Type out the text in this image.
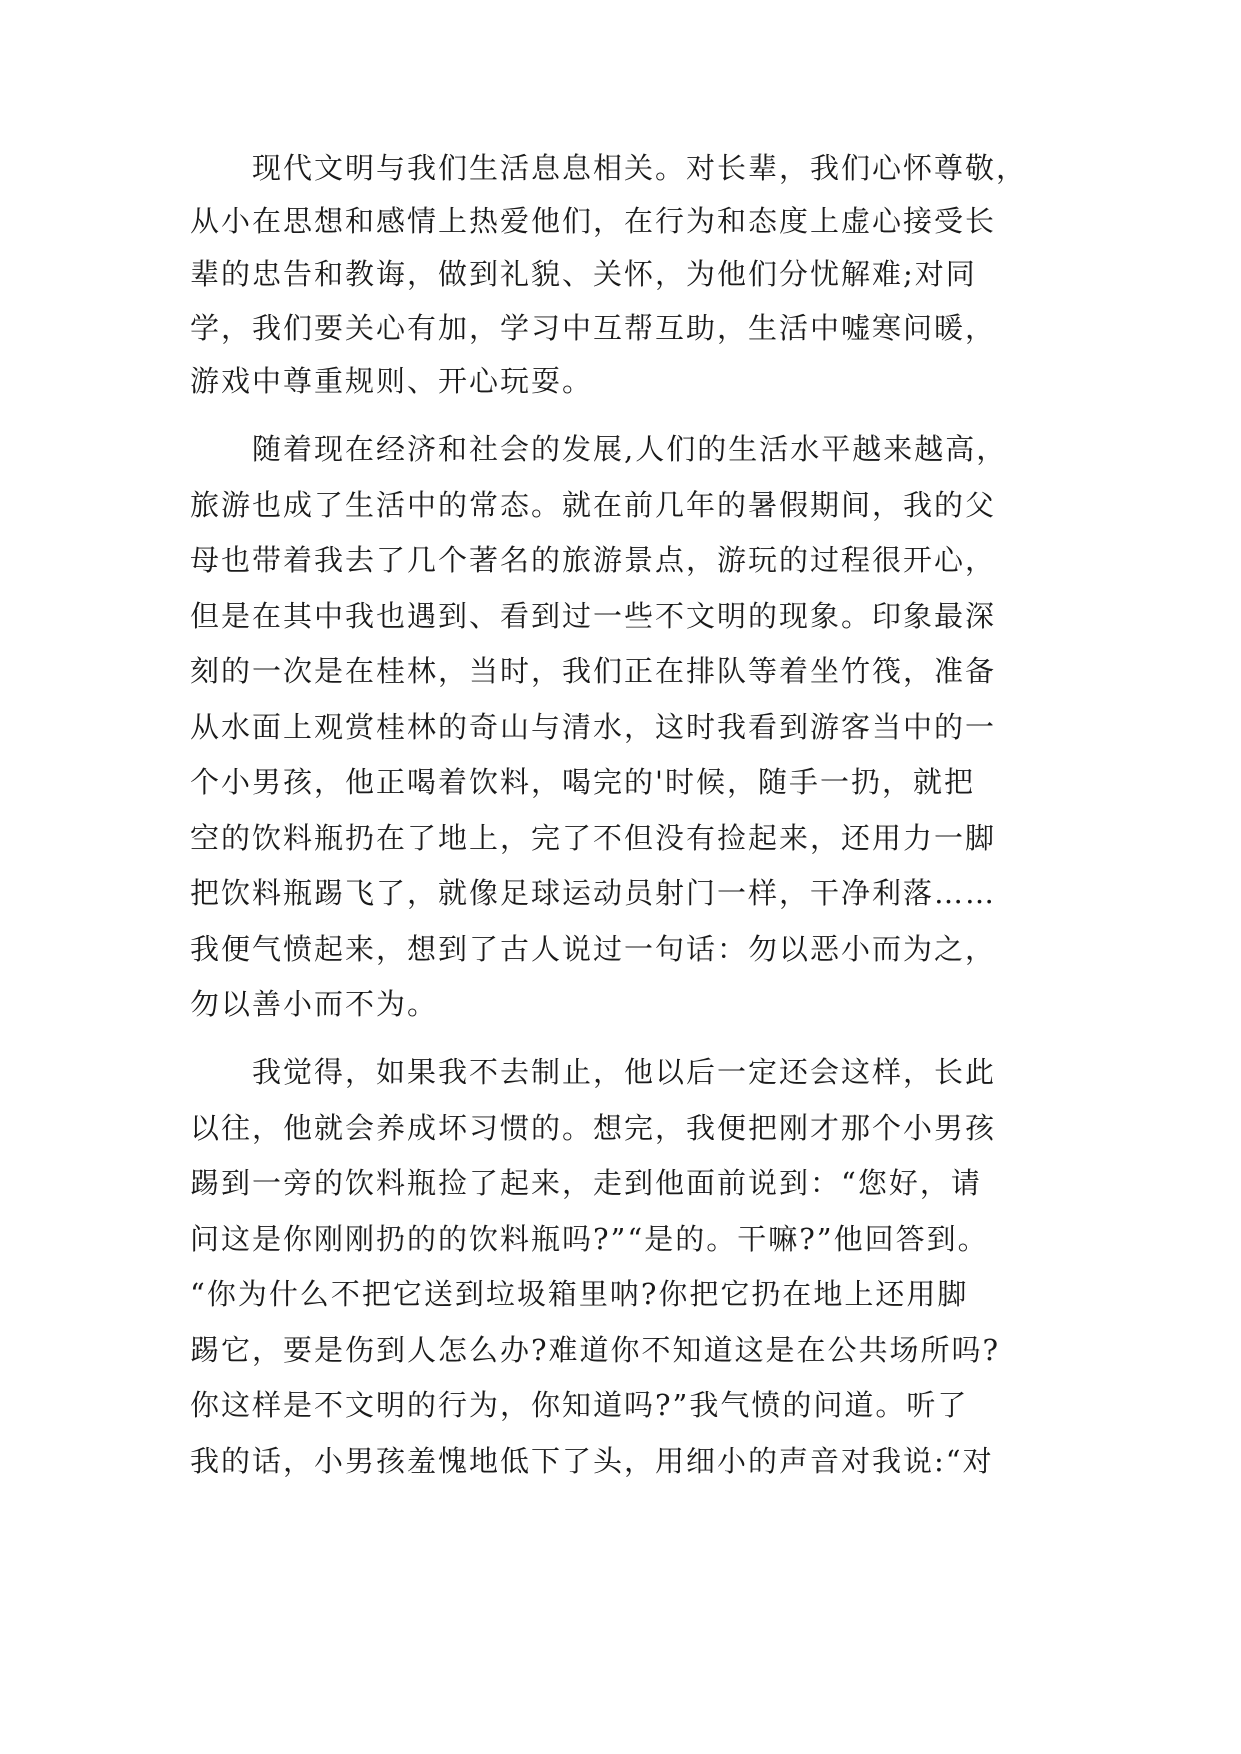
现代文明与我们生活息息相关。对长辈，我们心怀尊敬，
从小在思想和感情上热爱他们，在行为和态度上虚心接受长
辈的忠告和教诲，做到礼貌、关怀，为他们分忧解难;对同
学，我们要关心有加，学习中互帮互助，生活中嘘寒问暖，
游戏中尊重规则、开心玩耍。
随着现在经济和社会的发展,人们的生活水平越来越高，
旅游也成了生活中的常态。就在前几年的暑假期间，我的父
母也带着我去了几个著名的旅游景点，游玩的过程很开心，
但是在其中我也遇到、看到过一些不文明的现象。印象最深
刻的一次是在桂林，当时，我们正在排队等着坐竹筏，准备
从水面上观赏桂林的奇山与清水，这时我看到游客当中的一
个小男孩，他正喝着饮料，喝完的'时候，随手一扔，就把
空的饮料瓶扔在了地上，完了不但没有捡起来，还用力一脚
把饮料瓶踢飞了，就像足球运动员射门一样，干净利落……
我便气愤起来，想到了古人说过一句话：勿以恶小而为之，
勿以善小而不为。
我觉得，如果我不去制止，他以后一定还会这样，长此
以往，他就会养成坏习惯的。想完，我便把刚才那个小男孩
踢到一旁的饮料瓶捡了起来，走到他面前说到：“您好，请
问这是你刚刚扔的的饮料瓶吗?”“是的。干嘛?”他回答到。
“你为什么不把它送到垃圾箱里呐?你把它扔在地上还用脚
踢它，要是伤到人怎么办?难道你不知道这是在公共场所吗?
你这样是不文明的行为，你知道吗?”我气愤的问道。听了
我的话，小男孩羞愧地低下了头，用细小的声音对我说:“对
